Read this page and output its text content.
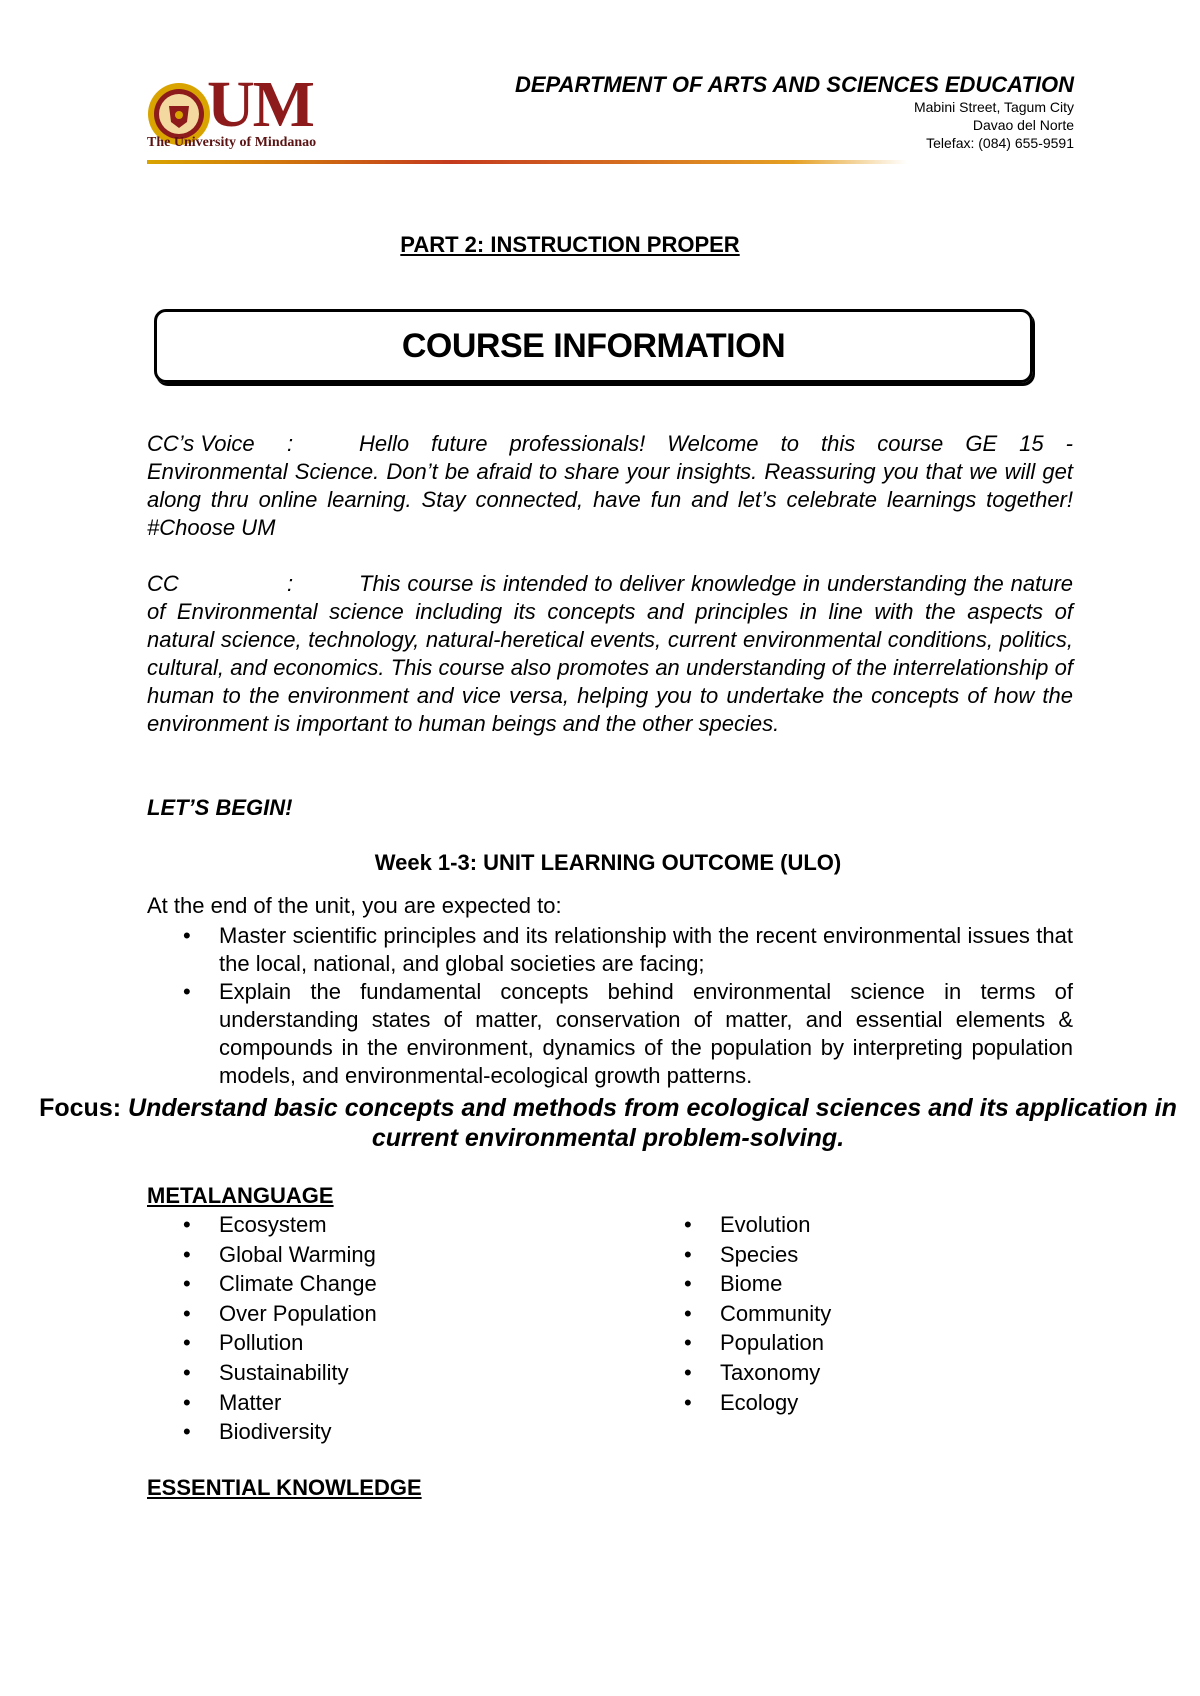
UM
The University of Mindanao
DEPARTMENT OF ARTS AND SCIENCES EDUCATION
Mabini Street, Tagum City
Davao del Norte
Telefax: (084) 655-9591
PART 2: INSTRUCTION PROPER
COURSE INFORMATION
CC’s Voice :	Hello future professionals! Welcome to this course GE 15 - Environmental Science. Don’t be afraid to share your insights. Reassuring you that we will get along thru online learning. Stay connected, have fun and let’s celebrate learnings together! #Choose UM
CC	:	This course is intended to deliver knowledge in understanding the nature of Environmental science including its concepts and principles in line with the aspects of natural science, technology, natural-heretical events, current environmental conditions, politics, cultural, and economics. This course also promotes an understanding of the interrelationship of human to the environment and vice versa, helping you to undertake the concepts of how the environment is important to human beings and the other species.
LET’S BEGIN!
Week 1-3: UNIT LEARNING OUTCOME (ULO)
At the end of the unit, you are expected to:
• Master scientific principles and its relationship with the recent environmental issues that the local, national, and global societies are facing;
• Explain the fundamental concepts behind environmental science in terms of understanding states of matter, conservation of matter, and essential elements & compounds in the environment, dynamics of the population by interpreting population models, and environmental-ecological growth patterns.
Focus: Understand basic concepts and methods from ecological sciences and its application in current environmental problem-solving.
METALANGUAGE
• Ecosystem
• Global Warming
• Climate Change
• Over Population
• Pollution
• Sustainability
• Matter
• Biodiversity
• Evolution
• Species
• Biome
• Community
• Population
• Taxonomy
• Ecology
ESSENTIAL KNOWLEDGE
